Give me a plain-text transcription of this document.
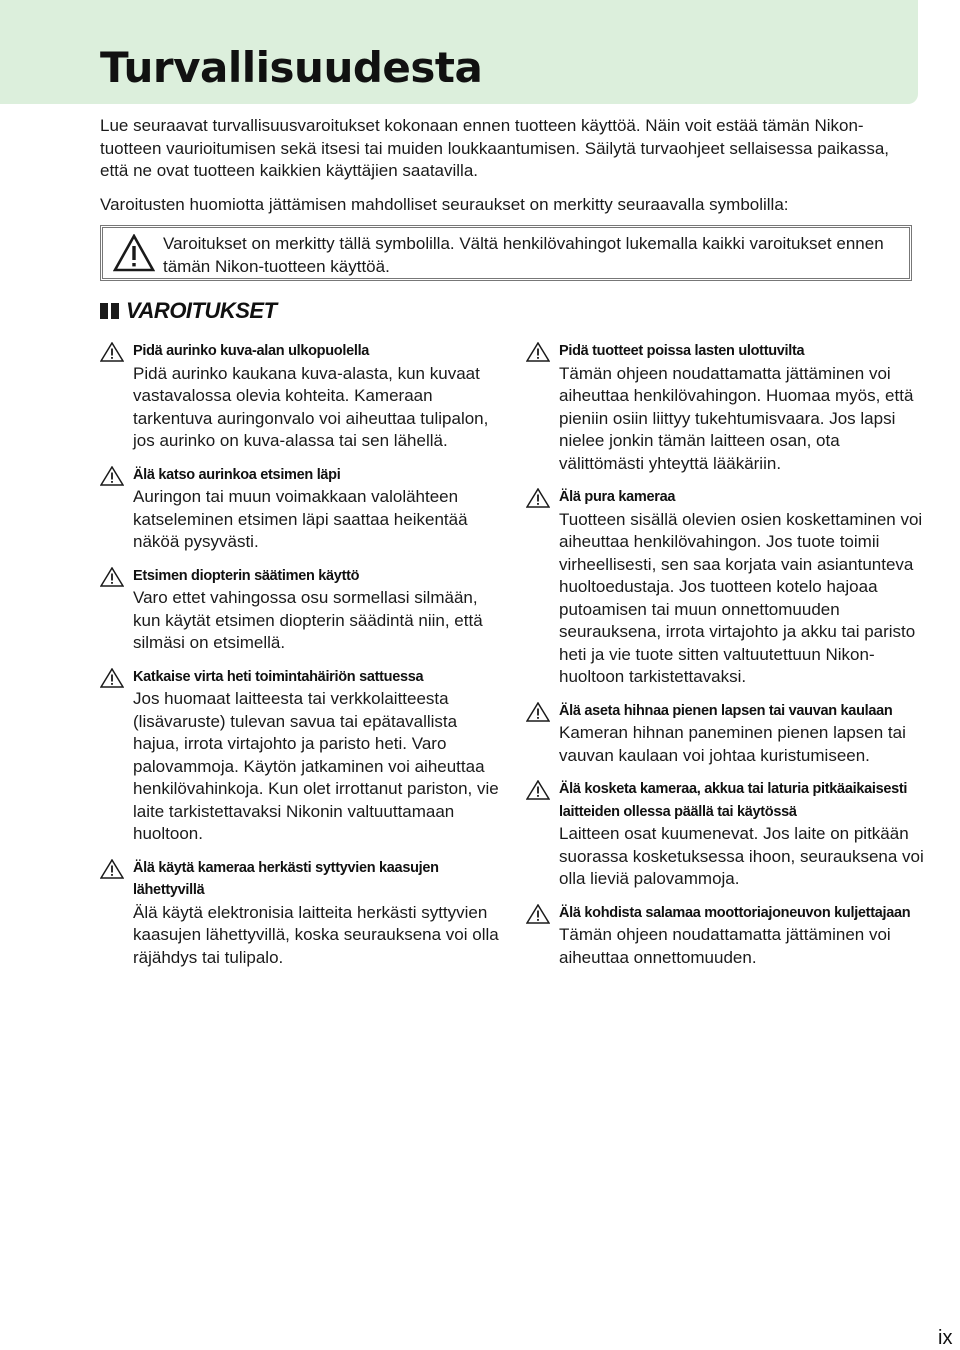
Turvallisuudesta

Lue seuraavat turvallisuusvaroitukset kokonaan ennen tuotteen käyttöä. Näin voit estää tämän Nikon-tuotteen vaurioitumisen sekä itsesi tai muiden loukkaantumisen. Säilytä turvaohjeet sellaisessa paikassa, että ne ovat tuotteen kaikkien käyttäjien saatavilla.

Varoitusten huomiotta jättämisen mahdolliset seuraukset on merkitty seuraavalla symbolilla:

Varoitukset on merkitty tällä symbolilla. Vältä henkilövahingot lukemalla kaikki varoitukset ennen tämän Nikon-tuotteen käyttöä.
VAROITUKSET
Pidä aurinko kuva-alan ulkopuolella
Pidä aurinko kaukana kuva-alasta, kun kuvaat vastavalossa olevia kohteita. Kameraan tarkentuva auringonvalo voi aiheuttaa tulipalon, jos aurinko on kuva-alassa tai sen lähellä.
Älä katso aurinkoa etsimen läpi
Auringon tai muun voimakkaan valolähteen katseleminen etsimen läpi saattaa heikentää näköä pysyvästi.
Etsimen diopterin säätimen käyttö
Varo ettet vahingossa osu sormellasi silmään, kun käytät etsimen diopterin säädintä niin, että silmäsi on etsimellä.
Katkaise virta heti toimintahäiriön sattuessa
Jos huomaat laitteesta tai verkkolaitteesta (lisävaruste) tulevan savua tai epätavallista hajua, irrota virtajohto ja paristo heti. Varo palovammoja. Käytön jatkaminen voi aiheuttaa henkilövahinkoja. Kun olet irrottanut pariston, vie laite tarkistettavaksi Nikonin valtuuttamaan huoltoon.
Älä käytä kameraa herkästi syttyvien kaasujen lähettyvillä
Älä käytä elektronisia laitteita herkästi syttyvien kaasujen lähettyvillä, koska seurauksena voi olla räjähdys tai tulipalo.
Pidä tuotteet poissa lasten ulottuvilta
Tämän ohjeen noudattamatta jättäminen voi aiheuttaa henkilövahingon. Huomaa myös, että pieniin osiin liittyy tukehtumisvaara. Jos lapsi nielee jonkin tämän laitteen osan, ota välittömästi yhteyttä lääkäriin.
Älä pura kameraa
Tuotteen sisällä olevien osien koskettaminen voi aiheuttaa henkilövahingon. Jos tuote toimii virheellisesti, sen saa korjata vain asiantunteva huoltoedustaja. Jos tuotteen kotelo hajoaa putoamisen tai muun onnettomuuden seurauksena, irrota virtajohto ja akku tai paristo heti ja vie tuote sitten valtuutettuun Nikon-huoltoon tarkistettavaksi.
Älä aseta hihnaa pienen lapsen tai vauvan kaulaan
Kameran hihnan paneminen pienen lapsen tai vauvan kaulaan voi johtaa kuristumiseen.
Älä kosketa kameraa, akkua tai laturia pitkäaikaisesti laitteiden ollessa päällä tai käytössä
Laitteen osat kuumenevat. Jos laite on pitkään suorassa kosketuksessa ihoon, seurauksena voi olla lieviä palovammoja.
Älä kohdista salamaa moottoriajoneuvon kuljettajaan
Tämän ohjeen noudattamatta jättäminen voi aiheuttaa onnettomuuden.
ix
